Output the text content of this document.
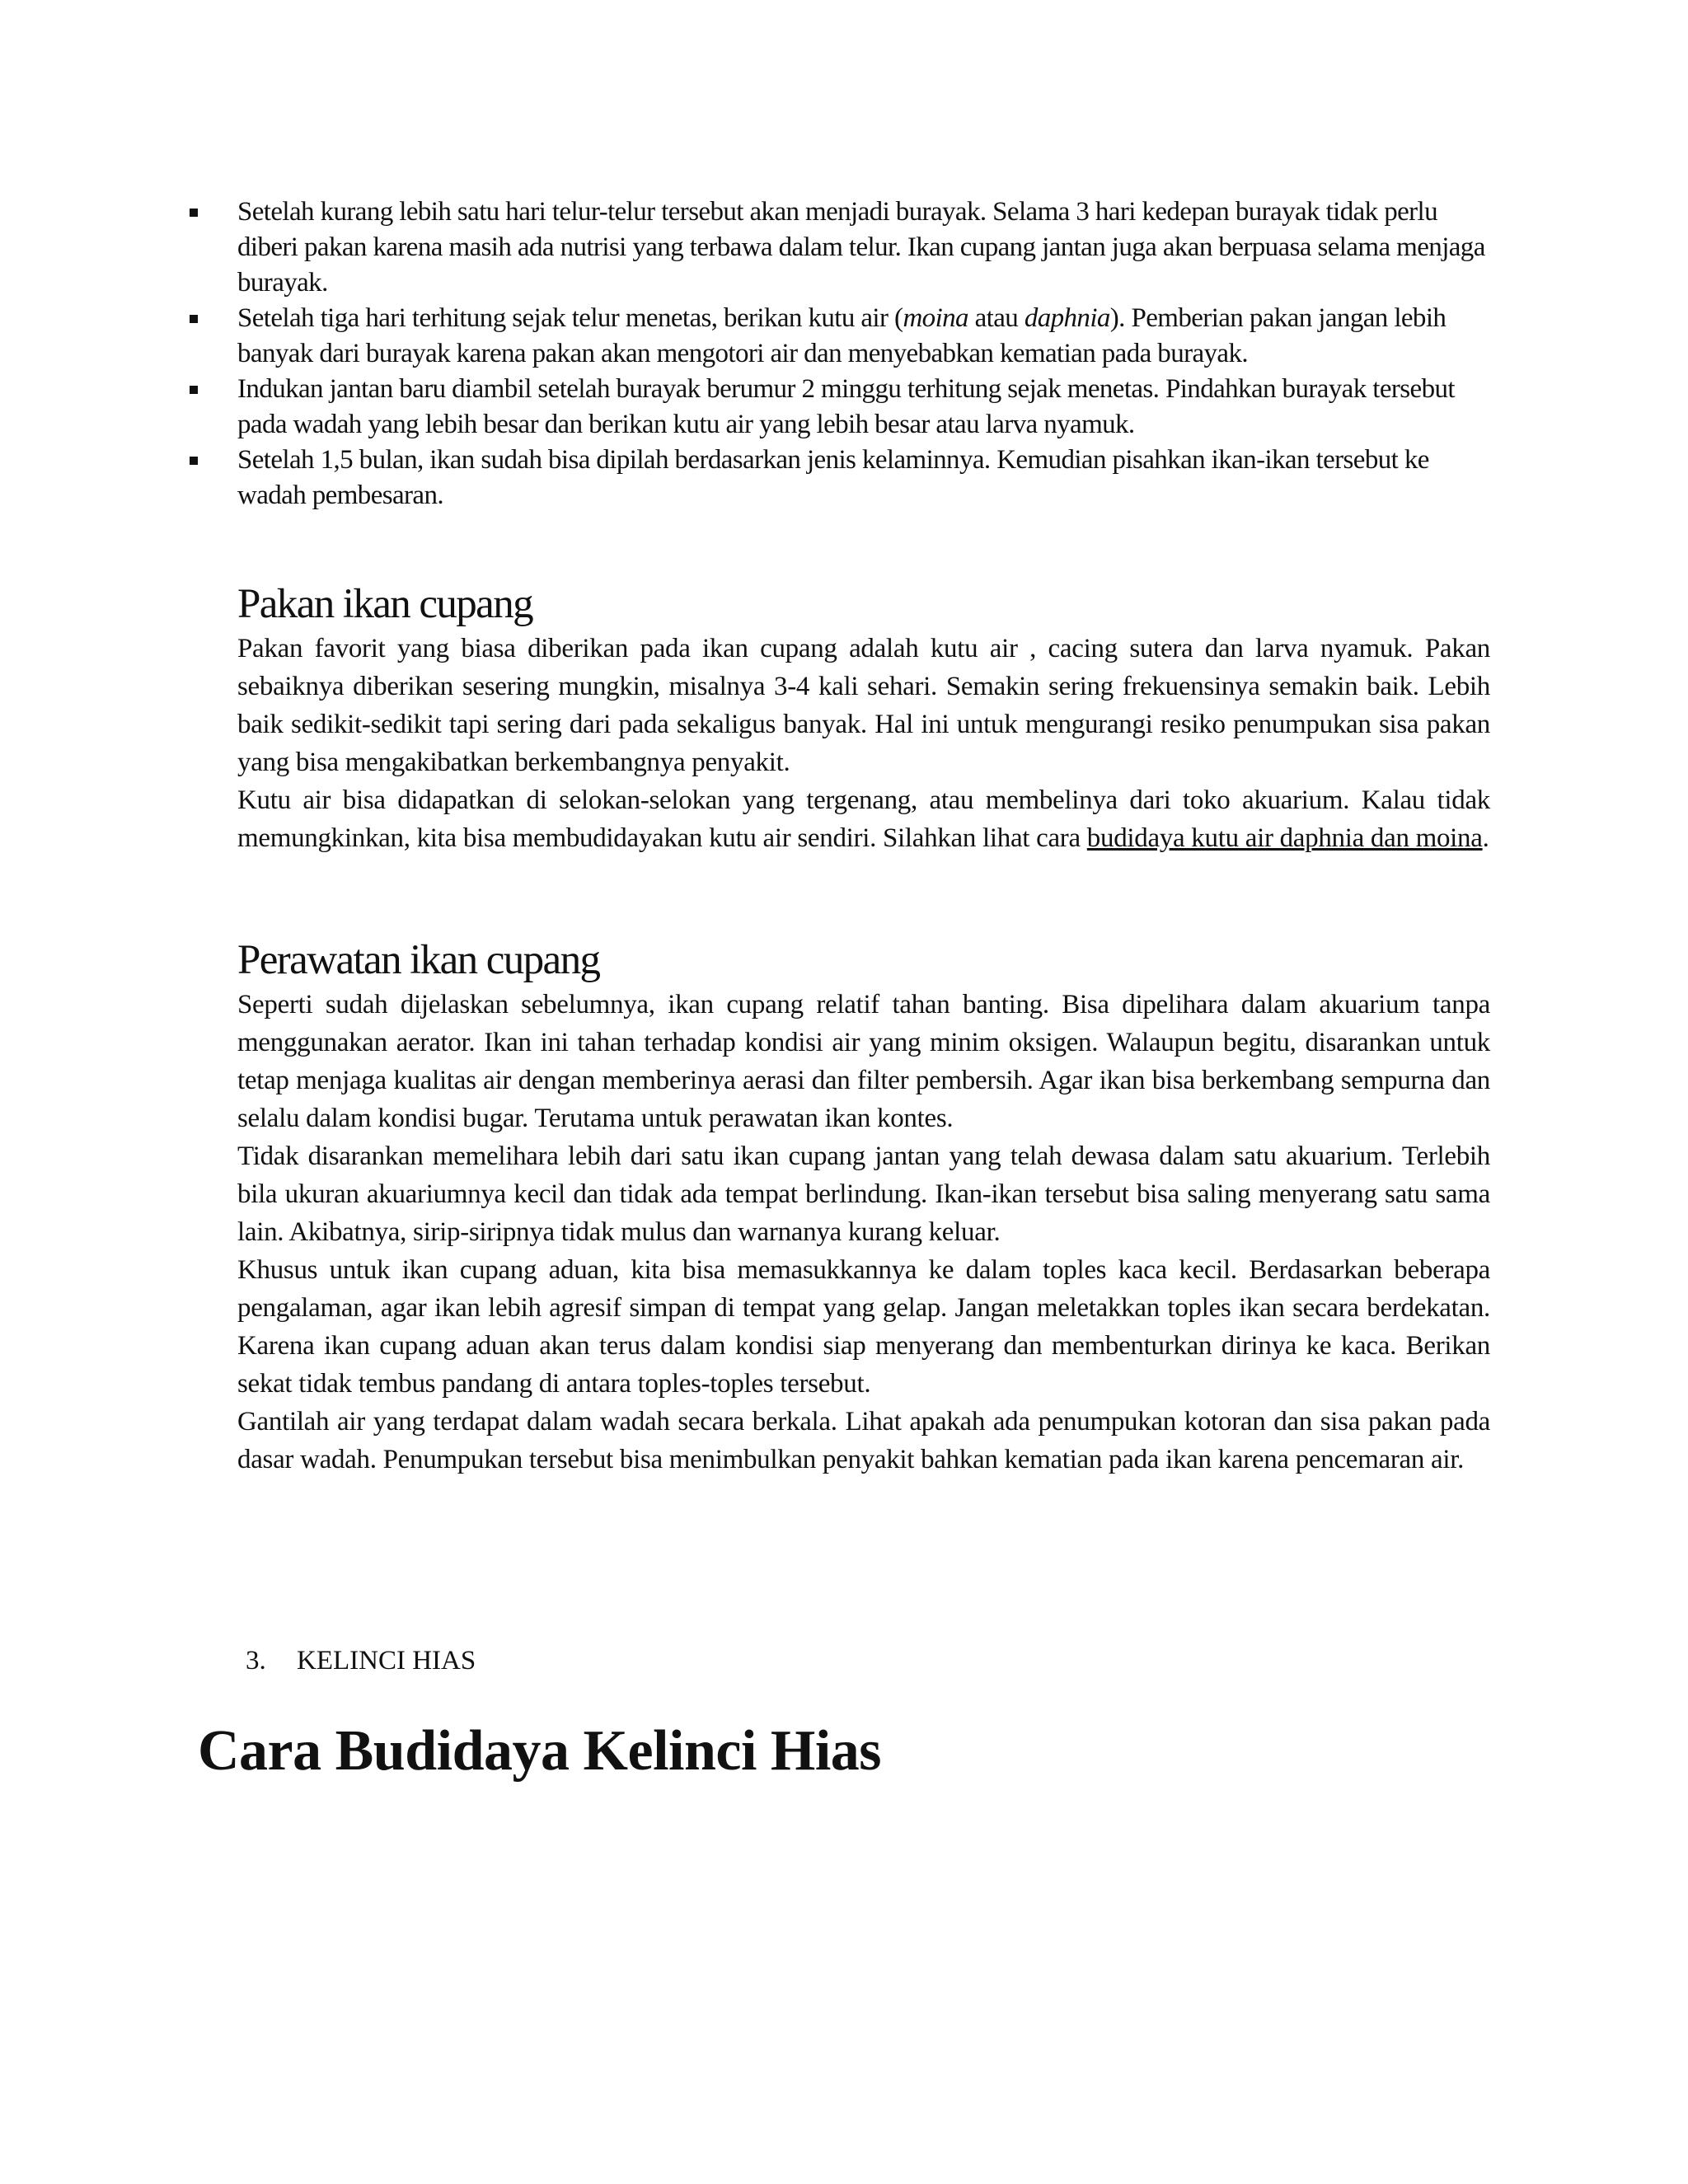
Setelah kurang lebih satu hari telur-telur tersebut akan menjadi burayak. Selama 3 hari kedepan burayak tidak perlu diberi pakan karena masih ada nutrisi yang terbawa dalam telur. Ikan cupang jantan juga akan berpuasa selama menjaga burayak.
Setelah tiga hari terhitung sejak telur menetas, berikan kutu air (moina atau daphnia). Pemberian pakan jangan lebih banyak dari burayak karena pakan akan mengotori air dan menyebabkan kematian pada burayak.
Indukan jantan baru diambil setelah burayak berumur 2 minggu terhitung sejak menetas. Pindahkan burayak tersebut pada wadah yang lebih besar dan berikan kutu air yang lebih besar atau larva nyamuk.
Setelah 1,5 bulan, ikan sudah bisa dipilah berdasarkan jenis kelaminnya. Kemudian pisahkan ikan-ikan tersebut ke wadah pembesaran.
Pakan ikan cupang

Pakan favorit yang biasa diberikan pada ikan cupang adalah kutu air , cacing sutera dan larva nyamuk. Pakan sebaiknya diberikan sesering mungkin, misalnya 3-4 kali sehari. Semakin sering frekuensinya semakin baik. Lebih baik sedikit-sedikit tapi sering dari pada sekaligus banyak. Hal ini untuk mengurangi resiko penumpukan sisa pakan yang bisa mengakibatkan berkembangnya penyakit.

Kutu air bisa didapatkan di selokan-selokan yang tergenang, atau membelinya dari toko akuarium. Kalau tidak memungkinkan, kita bisa membudidayakan kutu air sendiri. Silahkan lihat cara budidaya kutu air daphnia dan moina.

Perawatan ikan cupang

Seperti sudah dijelaskan sebelumnya, ikan cupang relatif tahan banting. Bisa dipelihara dalam akuarium tanpa menggunakan aerator. Ikan ini tahan terhadap kondisi air yang minim oksigen. Walaupun begitu, disarankan untuk tetap menjaga kualitas air dengan memberinya aerasi dan filter pembersih. Agar ikan bisa berkembang sempurna dan selalu dalam kondisi bugar. Terutama untuk perawatan ikan kontes.

Tidak disarankan memelihara lebih dari satu ikan cupang jantan yang telah dewasa dalam satu akuarium. Terlebih bila ukuran akuariumnya kecil dan tidak ada tempat berlindung. Ikan-ikan tersebut bisa saling menyerang satu sama lain. Akibatnya, sirip-siripnya tidak mulus dan warnanya kurang keluar.

Khusus untuk ikan cupang aduan, kita bisa memasukkannya ke dalam toples kaca kecil. Berdasarkan beberapa pengalaman, agar ikan lebih agresif simpan di tempat yang gelap. Jangan meletakkan toples ikan secara berdekatan. Karena ikan cupang aduan akan terus dalam kondisi siap menyerang dan membenturkan dirinya ke kaca. Berikan sekat tidak tembus pandang di antara toples-toples tersebut.

Gantilah air yang terdapat dalam wadah secara berkala. Lihat apakah ada penumpukan kotoran dan sisa pakan pada dasar wadah. Penumpukan tersebut bisa menimbulkan penyakit bahkan kematian pada ikan karena pencemaran air.

3. KELINCI HIAS
Cara Budidaya Kelinci Hias
